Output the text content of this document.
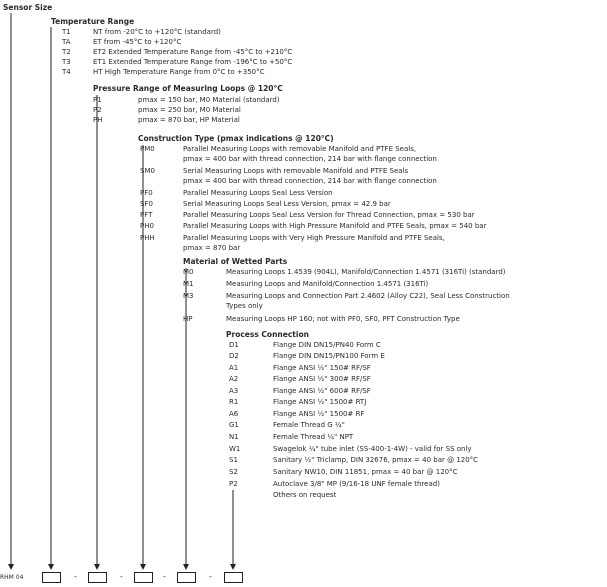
Sensor Size
Temperature Range
T1	NT from -20°C to +120°C (standard)
TA	ET from -45°C to +120°C
T2	ET2 Extended Temperature Range from -45°C to +210°C
T3	ET1 Extended Temperature Range from -196°C to +50°C
T4	HT High Temperature Range from 0°C to +350°C
Pressure Range of Measuring Loops @ 120°C
P1	pmax = 150 bar, M0 Material (standard)
P2	pmax = 250 bar, M0 Material
PH	pmax = 870 bar, HP Material
Construction Type (pmax indications @ 120°C)
PM0	Parallel Measuring Loops with removable Manifold and PTFE Seals,
pmax = 400 bar with thread connection, 214 bar with flange connection
SM0	Serial Measuring Loops with removable Manifold and PTFE Seals
pmax = 400 bar with thread connection, 214 bar with flange connection
PF0	Parallel Measuring Loops Seal Less Version
SF0	Serial Measuring Loops Seal Less Version, pmax = 42.9 bar
PFT	Parallel Measuring Loops Seal Less Version for Thread Connection, pmax = 530 bar
PH0	Parallel Measuring Loops with High Pressure Manifold and PTFE Seals, pmax = 540 bar
PHH	Parallel Measuring Loops with Very High Pressure Manifold and PTFE Seals,
pmax = 870 bar
Material of Wetted Parts
M0	Measuring Loops 1.4539 (904L), Manifold/Connection 1.4571 (316Ti) (standard)
M1	Measuring Loops and Manifold/Connection 1.4571 (316Ti)
M3	Measuring Loops and Connection Part 2.4602 (Alloy C22), Seal Less Construction
Types only
HP	Measuring Loops HP 160; not with PF0, SF0, PFT Construction Type
Process Connection
D1	Flange DIN DN15/PN40 Form C
D2	Flange DIN DN15/PN100 Form E
A1	Flange ANSI ½" 150# RF/SF
A2	Flange ANSI ½" 300# RF/SF
A3	Flange ANSI ½" 600# RF/SF
R1	Flange ANSI ½" 1500# RTJ
A6	Flange ANSI ½" 1500# RF
G1	Female Thread G ¼"
N1	Female Thread ¼" NPT
W1	Swagelok ¼" tube inlet (SS-400-1-4W) - valid for SS only
S1	Sanitary ½" Triclamp, DIN 32676, pmax = 40 bar @ 120°C
S2	Sanitary NW10, DIN 11851, pmax = 40 bar @ 120°C
P2	Autoclave 3/8" MP (9/16-18 UNF female thread)
Others on request
RHM 04	-	-	-	-
